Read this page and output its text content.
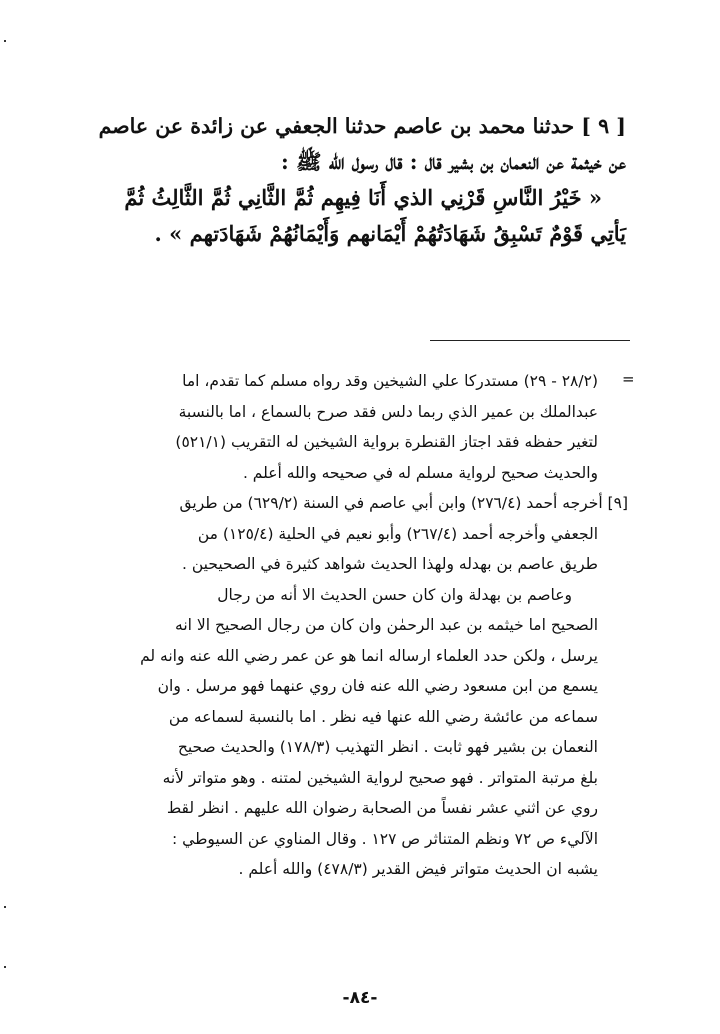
[ ٩ ] حدثنا محمد بن عاصم حدثنا الجعفي عن زائدة عن عاصم
عن خيثمة عن النعمان بن بشير قال : قال رسول الله ﷺ :
« خَيْرُ النَّاسِ قَرْنِي الذي أَنَا فِيهِم ثُمَّ الثَّانِي ثُمَّ الثَّالِثُ ثُمَّ
يَأتِي قَوْمٌ تَسْبِقُ شَهَادَتُهُمْ أَيْمَانهم وَأَيْمَانُهُمْ شَهَادَتهم » .
=
(٢٨/٢ - ٢٩) مستدركا علي الشيخين وقد رواه مسلم كما تقدم، اما
عبدالملك بن عمير الذي ربما دلس فقد صرح بالسماع ، اما بالنسبة
لتغير حفظه فقد اجتاز القنطرة برواية الشيخين له التقريب (٥٢١/١)
والحديث صحيح لرواية مسلم له في صحيحه والله أعلم .
[٩] أخرجه أحمد (٢٧٦/٤) وابن أبي عاصم في السنة (٦٢٩/٢) من طريق
الجعفي وأخرجه أحمد (٢٦٧/٤) وأبو نعيم في الحلية (١٢٥/٤) من
طريق عاصم بن بهدله ولهذا الحديث شواهد كثيرة في الصحيحين .
وعاصم بن بهدلة وان كان حسن الحديث الا أنه من رجال
الصحيح اما خيثمه بن عبد الرحمٰن وان كان من رجال الصحيح الا انه
يرسل ، ولكن حدد العلماء ارساله انما هو عن عمر رضي الله عنه وانه لم
يسمع من ابن مسعود رضي الله عنه فان روي عنهما فهو مرسل . وان
سماعه من عائشة رضي الله عنها فيه نظر . اما بالنسبة لسماعه من
النعمان بن بشير فهو ثابت . انظر التهذيب (١٧٨/٣) والحديث صحيح
بلغ مرتبة المتواتر . فهو صحيح لرواية الشيخين لمتنه . وهو متواتر لأنه
روي عن اثني عشر نفساً من الصحابة رضوان الله عليهم . انظر لقط
الآليء ص ٧٢ ونظم المتناثر ص ١٢٧ . وقال المناوي عن السيوطي :
يشبه ان الحديث متواتر فيض القدير (٤٧٨/٣) والله أعلم .
-٨٤-
